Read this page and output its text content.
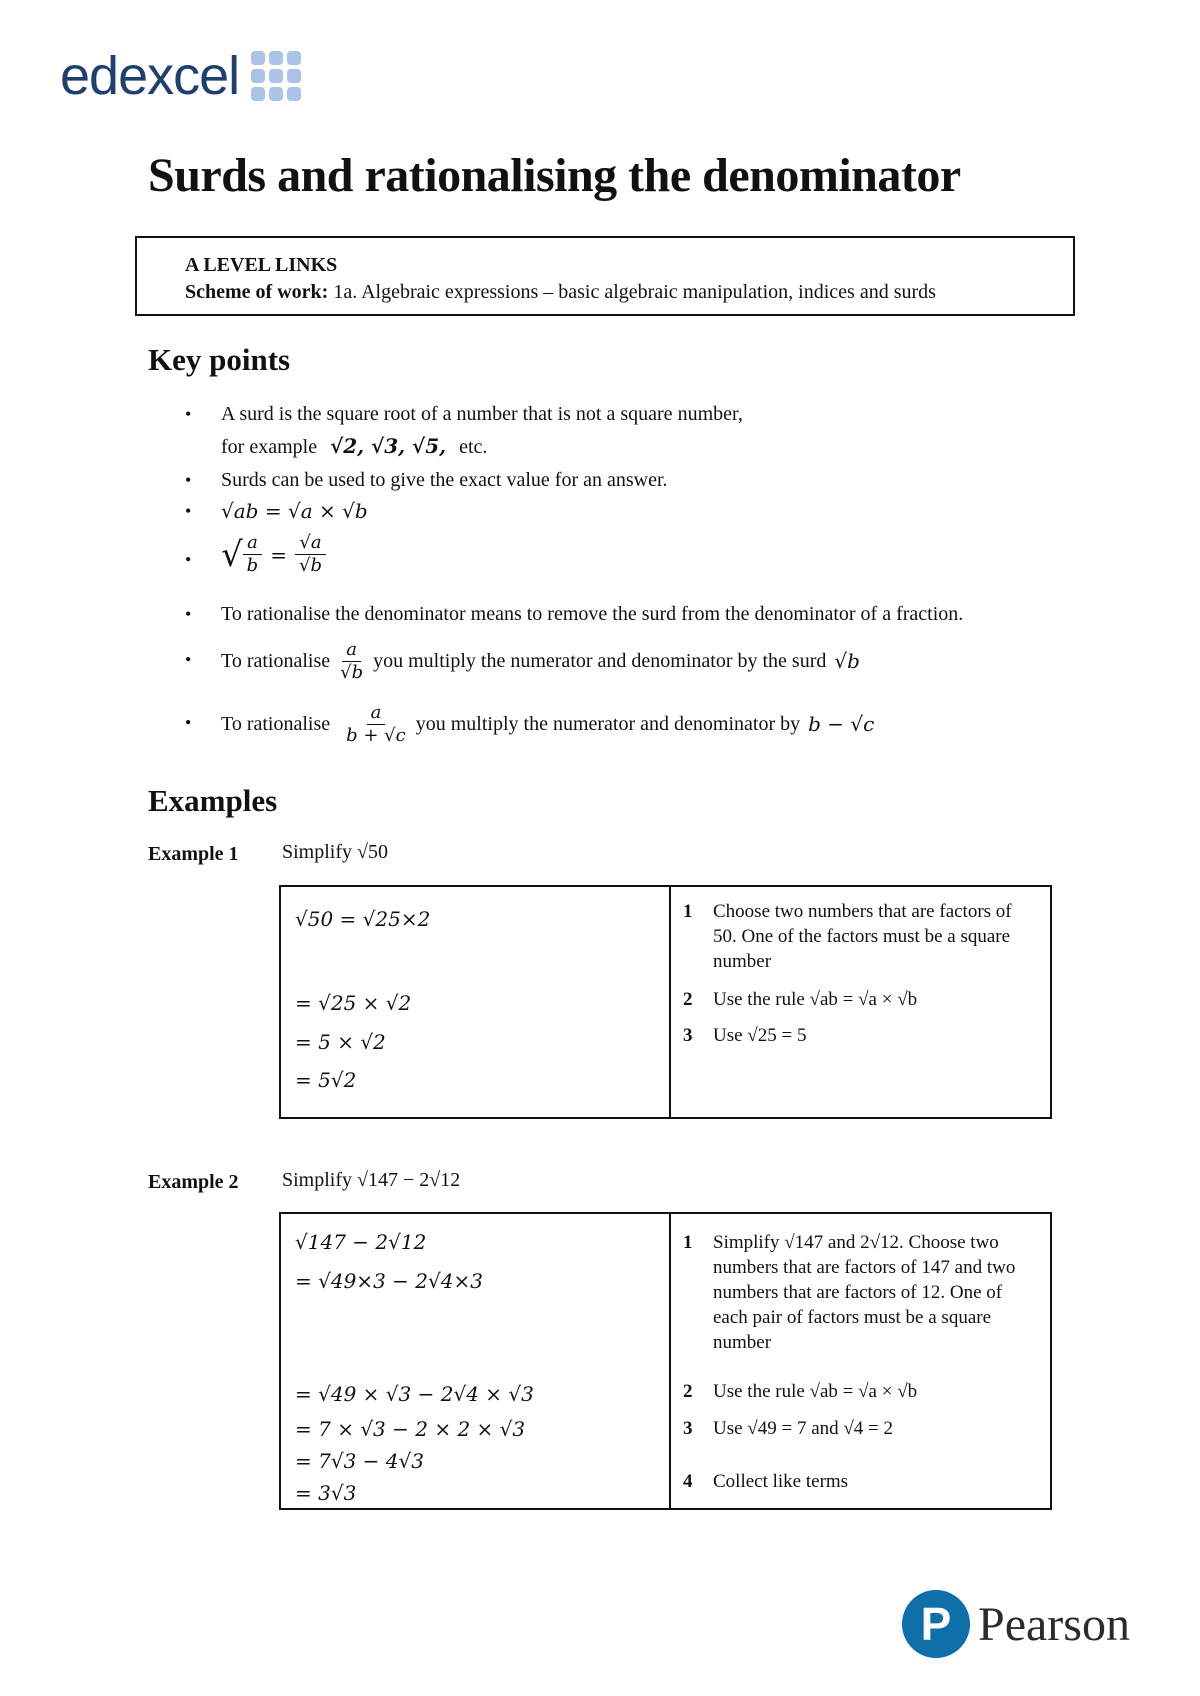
edexcel
Surds and rationalising the denominator
A LEVEL LINKS
Scheme of work: 1a. Algebraic expressions – basic algebraic manipulation, indices and surds
Key points
• A surd is the square root of a number that is not a square number,
for example √2, √3, √5, etc.
• Surds can be used to give the exact value for an answer.
• √ab = √a × √b
• √ $\frac{a}{b} = \frac{√a}{√b}$
• To rationalise the denominator means to remove the surd from the denominator of a fraction.
• To rationalise $\frac{a}{√b}$ you multiply the numerator and denominator by the surd √b
• To rationalise $\frac{a}{b + √c}$ you multiply the numerator and denominator by b − √c
Examples
Example 1 Simplify √50
√50 = √25×2
= √25 × √2
= 5 × √2
= 5√2
1	Choose two numbers that are factors of 50. One of the factors must be a square number
2	Use the rule √ab = √a × √b
3	Use √25 = 5
Example 2 Simplify √147 − 2√12
√147 − 2√12
= √49×3 − 2√4×3
= √49 × √3 − 2√4 × √3
= 7 × √3 − 2 × 2 × √3
= 7√3 − 4√3
= 3√3
1	Simplify √147 and 2√12. Choose two numbers that are factors of 147 and two numbers that are factors of 12. One of each pair of factors must be a square number
2	Use the rule √ab = √a × √b
3	Use √49 = 7 and √4 = 2
4	Collect like terms
P Pearson
